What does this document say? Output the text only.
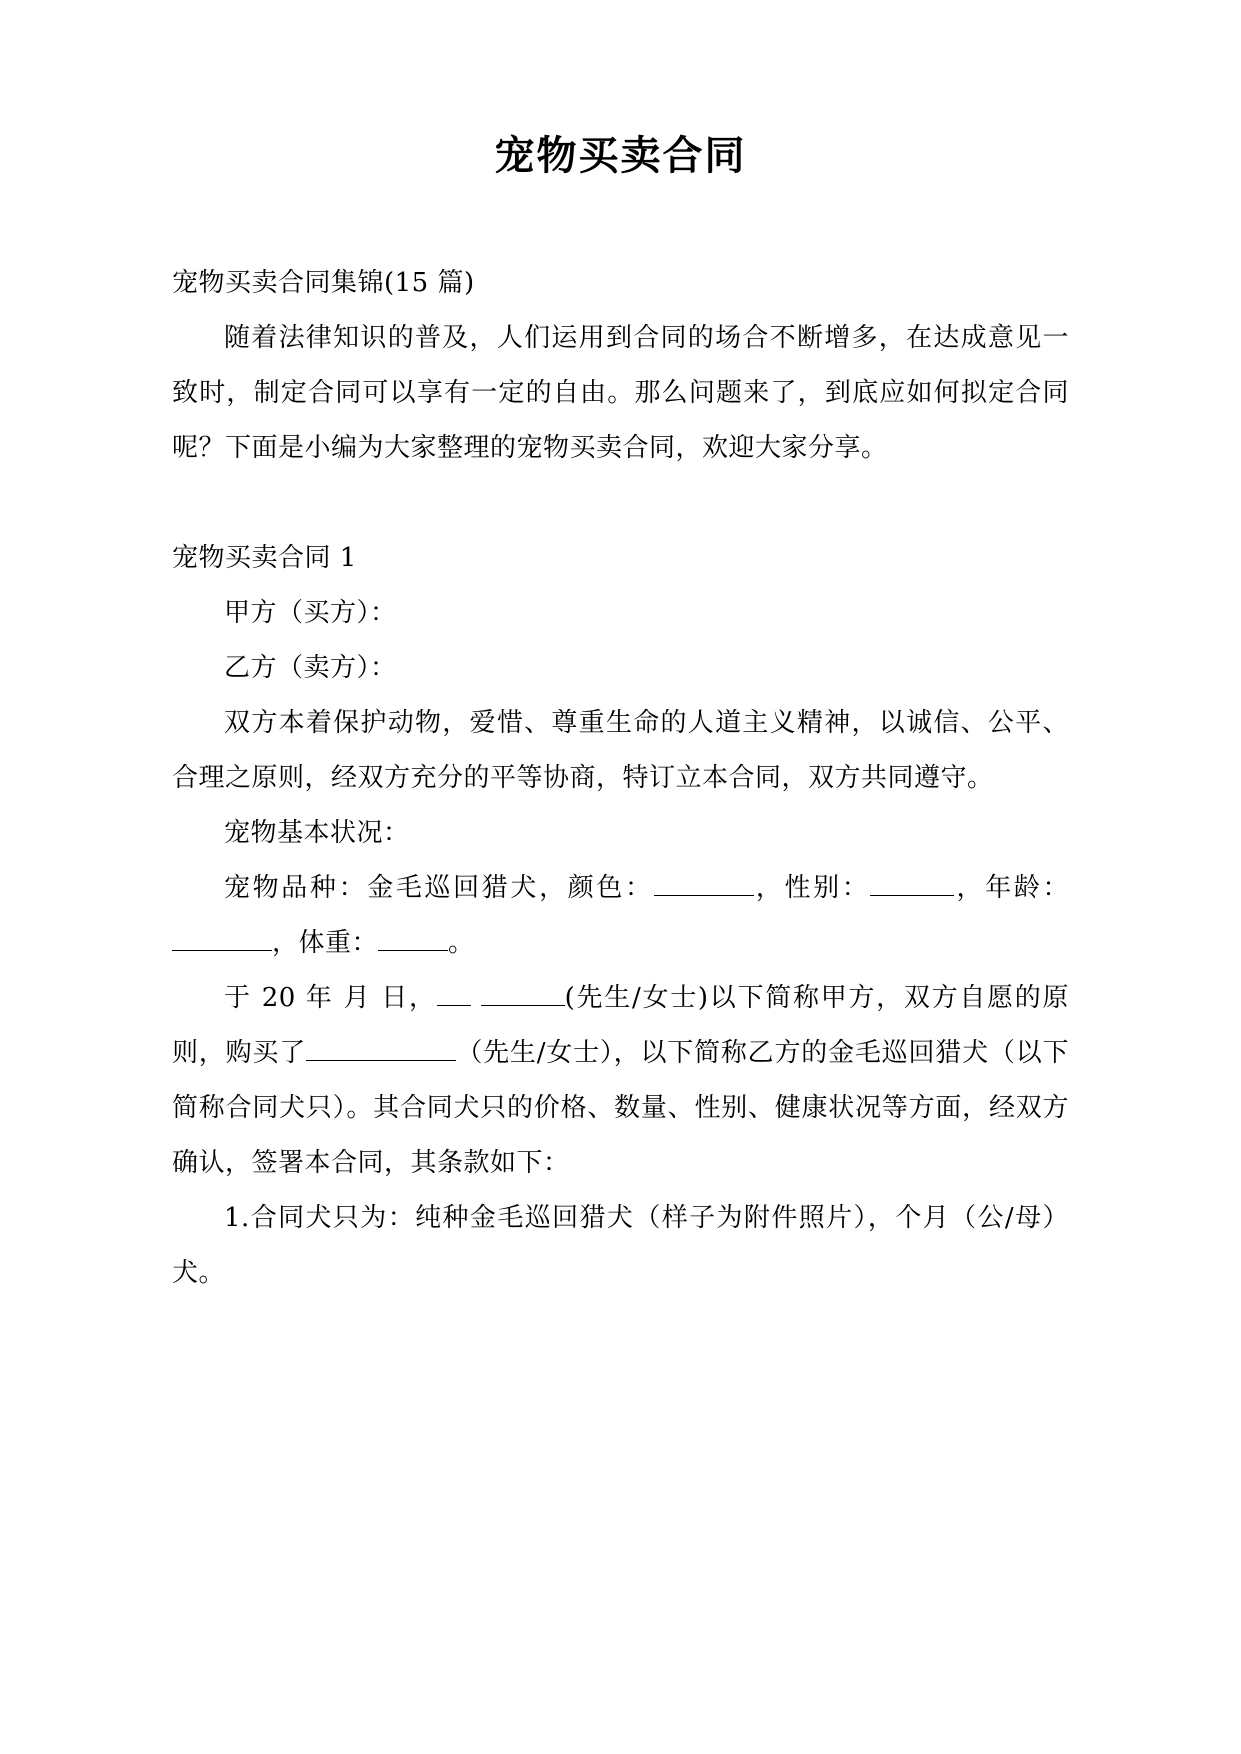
宠物买卖合同

宠物买卖合同集锦(15 篇)

随着法律知识的普及，人们运用到合同的场合不断增多，在达成意见一致时，制定合同可以享有一定的自由。那么问题来了，到底应如何拟定合同呢？下面是小编为大家整理的宠物买卖合同，欢迎大家分享。

宠物买卖合同 1

甲方（买方）：

乙方（卖方）：

双方本着保护动物，爱惜、尊重生命的人道主义精神，以诚信、公平、合理之原则，经双方充分的平等协商，特订立本合同，双方共同遵守。

宠物基本状况：

宠物品种：金毛巡回猎犬，颜色：	，性别：	，年龄：，体重：	。

于 20 年 月 日，	(先生/女士)以下简称甲方，双方自愿的原则，购买了	（先生/女士），以下简称乙方的金毛巡回猎犬（以下简称合同犬只）。其合同犬只的价格、数量、性别、健康状况等方面，经双方确认，签署本合同，其条款如下：

1.合同犬只为：纯种金毛巡回猎犬（样子为附件照片），个月（公/母）犬。
